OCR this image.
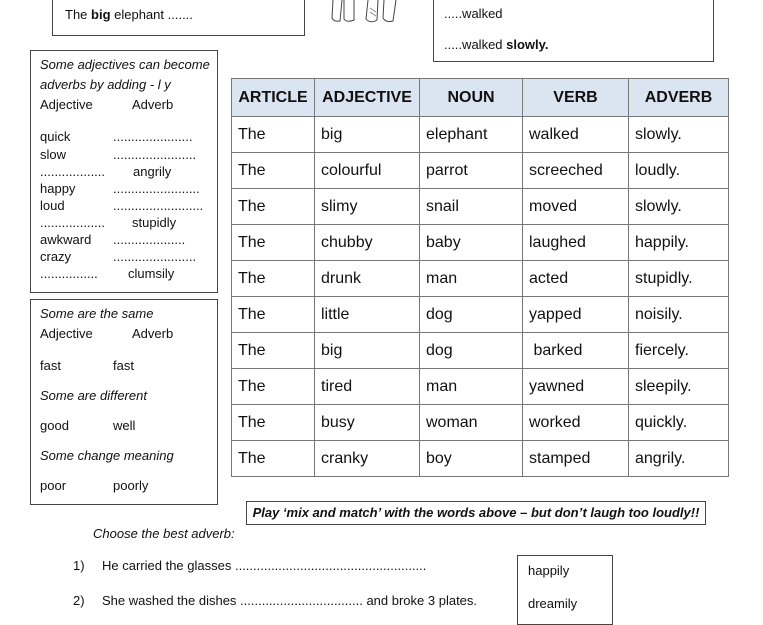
The big elephant .......	.....walked
.....walked slowly.
Some adjectives can become
adverbs by adding - l y
Adjective	Adverb
quick	......................
slow	.......................
.................. angrily
happy	........................
loud	.........................
.................. stupidly
awkward ....................
crazy	.......................
................ clumsily
Some are the same
Adjective	Adverb
fast	fast
Some are different
good	well
Some change meaning
poor	poorly
ARTICLE	ADJECTIVE	NOUN	VERB	ADVERB
The	big	elephant	walked	slowly.
The	colourful	parrot	screeched	loudly.
The	slimy	snail	moved	slowly.
The	chubby	baby	laughed	happily.
The	drunk	man	acted	stupidly.
The	little	dog	yapped	noisily.
The	big	dog	barked	fiercely.
The	tired	man	yawned	sleepily.
The	busy	woman	worked	quickly.
The	cranky	boy	stamped	angrily.
Play ‘mix and match’ with the words above – but don’t laugh too loudly!!
Choose the best adverb:
1) He carried the glasses .....................................................
2) She washed the dishes .................................. and broke 3 plates.
happily
dreamily
